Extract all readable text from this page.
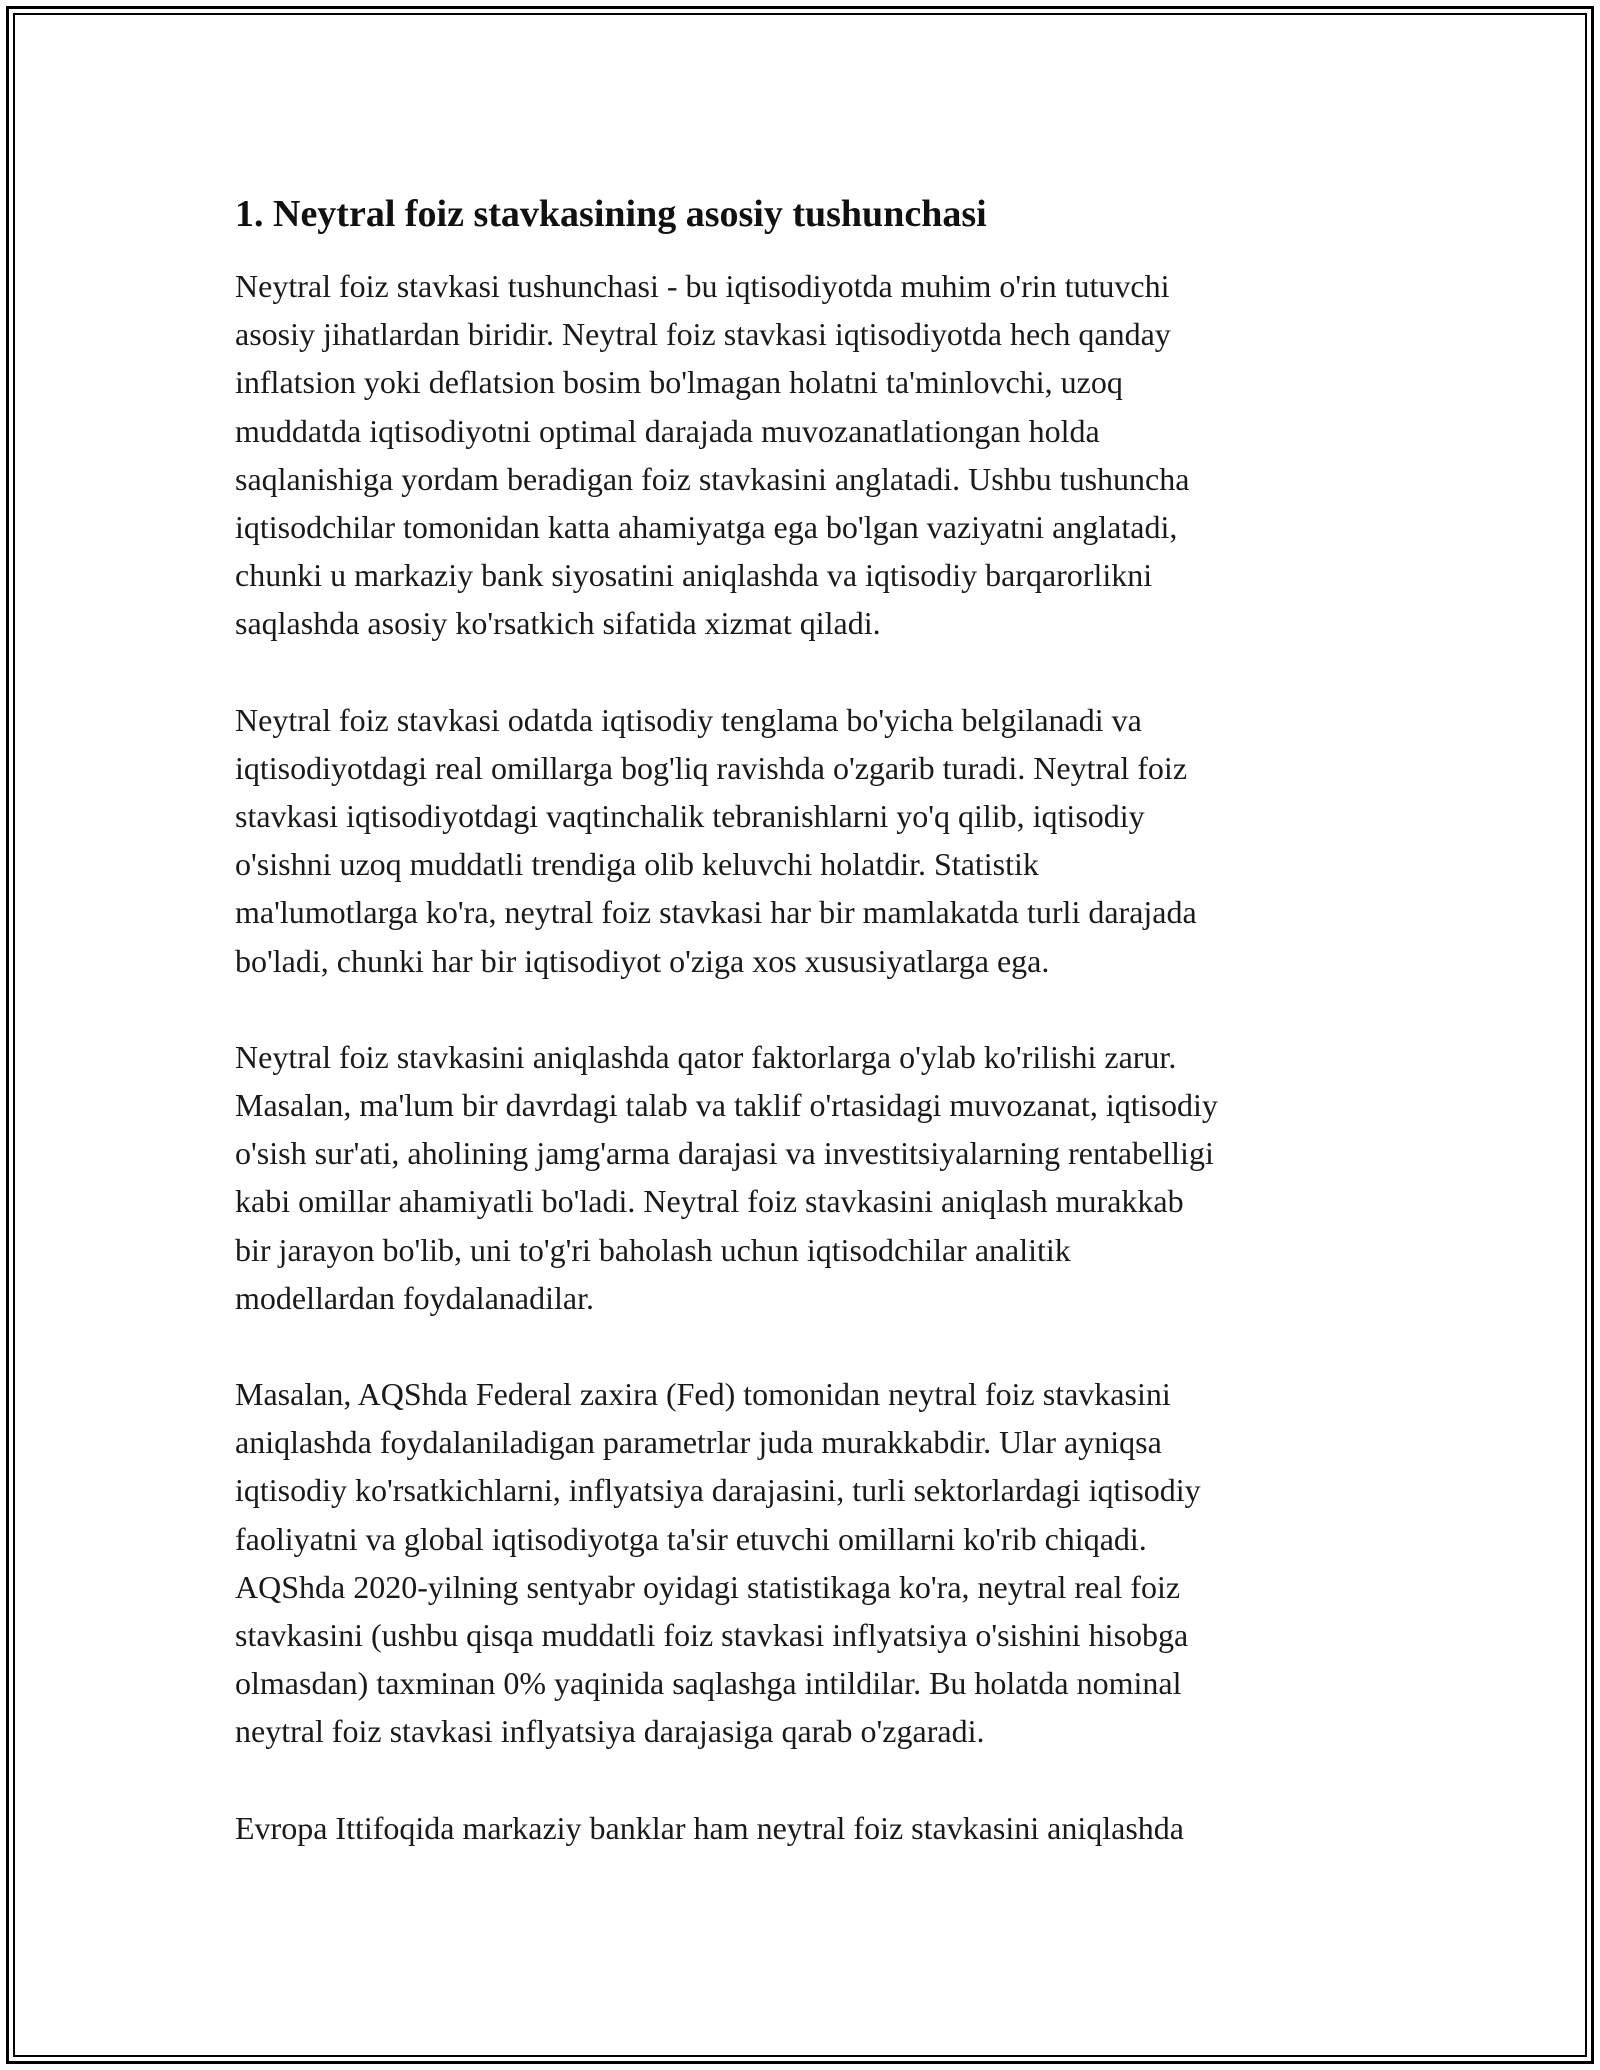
1. Neytral foiz stavkasining asosiy tushunchasi

Neytral foiz stavkasi tushunchasi - bu iqtisodiyotda muhim o'rin tutuvchi
asosiy jihatlardan biridir. Neytral foiz stavkasi iqtisodiyotda hech qanday
inflatsion yoki deflatsion bosim bo'lmagan holatni ta'minlovchi, uzoq
muddatda iqtisodiyotni optimal darajada muvozanatlationgan holda
saqlanishiga yordam beradigan foiz stavkasini anglatadi. Ushbu tushuncha
iqtisodchilar tomonidan katta ahamiyatga ega bo'lgan vaziyatni anglatadi,
chunki u markaziy bank siyosatini aniqlashda va iqtisodiy barqarorlikni
saqlashda asosiy ko'rsatkich sifatida xizmat qiladi.

Neytral foiz stavkasi odatda iqtisodiy tenglama bo'yicha belgilanadi va
iqtisodiyotdagi real omillarga bog'liq ravishda o'zgarib turadi. Neytral foiz
stavkasi iqtisodiyotdagi vaqtinchalik tebranishlarni yo'q qilib, iqtisodiy
o'sishni uzoq muddatli trendiga olib keluvchi holatdir. Statistik
ma'lumotlarga ko'ra, neytral foiz stavkasi har bir mamlakatda turli darajada
bo'ladi, chunki har bir iqtisodiyot o'ziga xos xususiyatlarga ega.

Neytral foiz stavkasini aniqlashda qator faktorlarga o'ylab ko'rilishi zarur.
Masalan, ma'lum bir davrdagi talab va taklif o'rtasidagi muvozanat, iqtisodiy
o'sish sur'ati, aholining jamg'arma darajasi va investitsiyalarning rentabelligi
kabi omillar ahamiyatli bo'ladi. Neytral foiz stavkasini aniqlash murakkab
bir jarayon bo'lib, uni to'g'ri baholash uchun iqtisodchilar analitik
modellardan foydalanadilar.

Masalan, AQShda Federal zaxira (Fed) tomonidan neytral foiz stavkasini
aniqlashda foydalaniladigan parametrlar juda murakkabdir. Ular ayniqsa
iqtisodiy ko'rsatkichlarni, inflyatsiya darajasini, turli sektorlardagi iqtisodiy
faoliyatni va global iqtisodiyotga ta'sir etuvchi omillarni ko'rib chiqadi.
AQShda 2020-yilning sentyabr oyidagi statistikaga ko'ra, neytral real foiz
stavkasini (ushbu qisqa muddatli foiz stavkasi inflyatsiya o'sishini hisobga
olmasdan) taxminan 0% yaqinida saqlashga intildilar. Bu holatda nominal
neytral foiz stavkasi inflyatsiya darajasiga qarab o'zgaradi.

Evropa Ittifoqida markaziy banklar ham neytral foiz stavkasini aniqlashda
